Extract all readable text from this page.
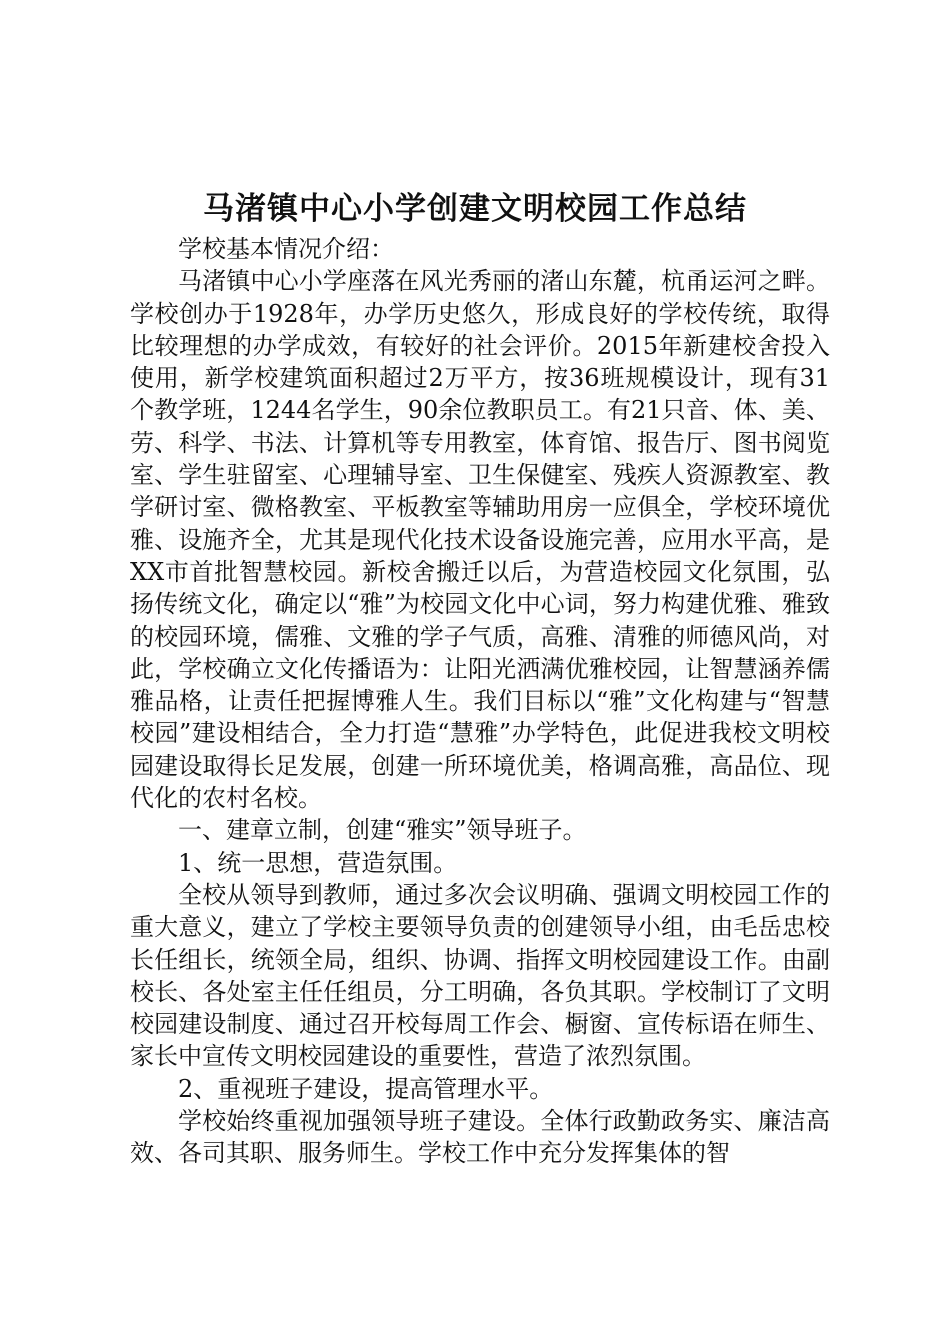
马渚镇中心小学创建文明校园工作总结

学校基本情况介绍：

马渚镇中心小学座落在风光秀丽的渚山东麓，杭甬运河之畔。学校创办于1928年，办学历史悠久，形成良好的学校传统，取得比较理想的办学成效，有较好的社会评价。2015年新建校舍投入使用，新学校建筑面积超过2万平方，按36班规模设计，现有31个教学班，1244名学生，90余位教职员工。有21只音、体、美、劳、科学、书法、计算机等专用教室，体育馆、报告厅、图书阅览室、学生驻留室、心理辅导室、卫生保健室、残疾人资源教室、教学研讨室、微格教室、平板教室等辅助用房一应俱全，学校环境优雅、设施齐全，尤其是现代化技术设备设施完善，应用水平高，是XX市首批智慧校园。新校舍搬迁以后，为营造校园文化氛围，弘扬传统文化，确定以“雅”为校园文化中心词，努力构建优雅、雅致的校园环境，儒雅、文雅的学子气质，高雅、清雅的师德风尚，对此，学校确立文化传播语为：让阳光洒满优雅校园，让智慧涵养儒雅品格，让责任把握博雅人生。我们目标以“雅”文化构建与“智慧校园”建设相结合，全力打造“慧雅”办学特色，此促进我校文明校园建设取得长足发展，创建一所环境优美，格调高雅，高品位、现代化的农村名校。

一、建章立制，创建“雅实”领导班子。

1、统一思想，营造氛围。

全校从领导到教师，通过多次会议明确、强调文明校园工作的重大意义，建立了学校主要领导负责的创建领导小组，由毛岳忠校长任组长，统领全局，组织、协调、指挥文明校园建设工作。由副校长、各处室主任任组员，分工明确，各负其职。学校制订了文明校园建设制度、通过召开校每周工作会、橱窗、宣传标语在师生、家长中宣传文明校园建设的重要性，营造了浓烈氛围。

2、重视班子建设，提高管理水平。

学校始终重视加强领导班子建设。全体行政勤政务实、廉洁高效、各司其职、服务师生。学校工作中充分发挥集体的智
